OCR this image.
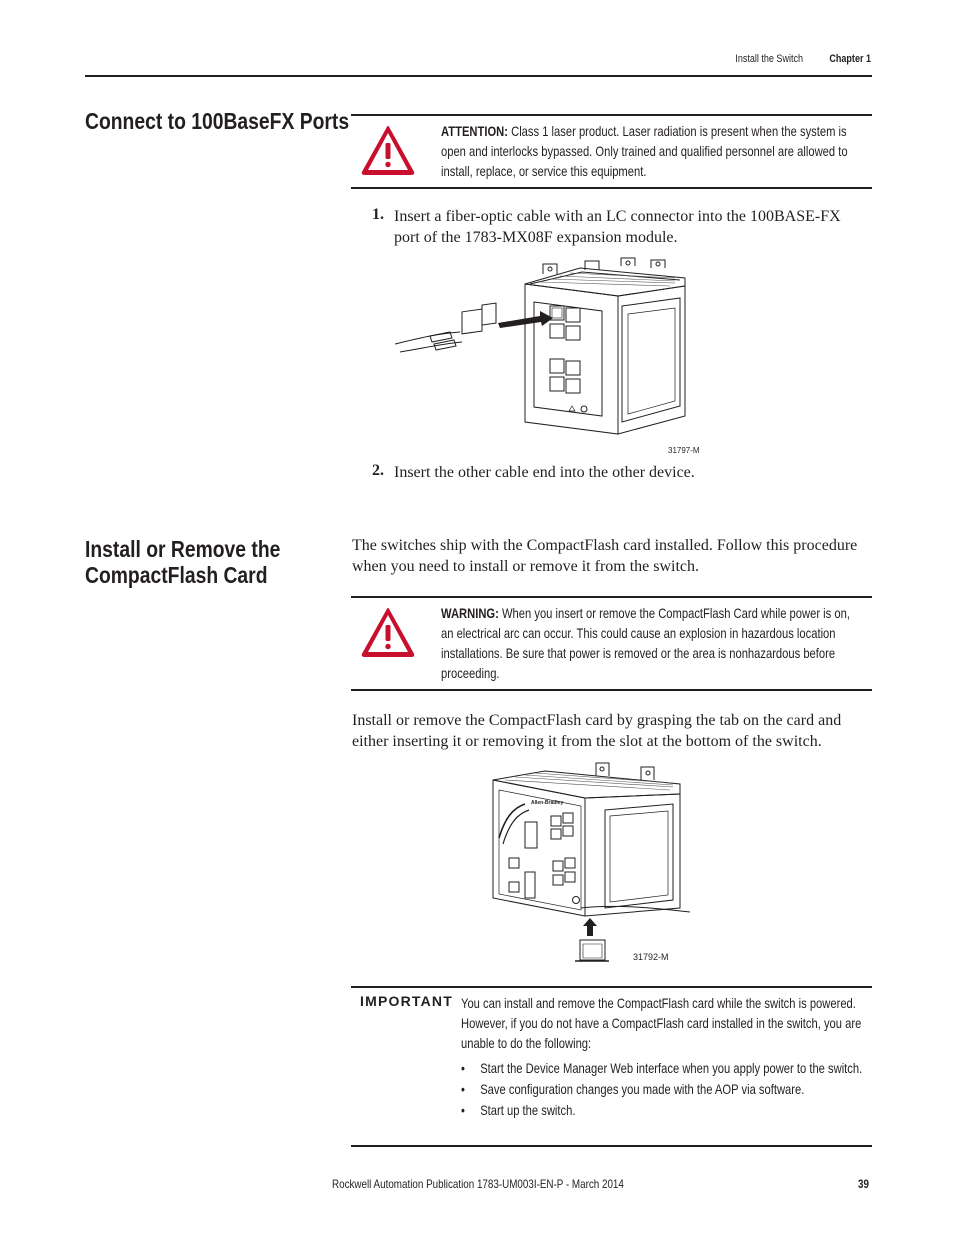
Install the Switch	Chapter 1
Connect to 100BaseFX Ports	ATTENTION: Class 1 laser product. Laser radiation is present when the system is open and interlocks bypassed. Only trained and qualified personnel are allowed to install, replace, or service this equipment.
1. Insert a fiber-optic cable with an LC connector into the 100BASE-FX port of the 1783-MX08F expansion module.
31797-M
2. Insert the other cable end into the other device.
Install or Remove the
CompactFlash Card
The switches ship with the CompactFlash card installed. Follow this procedure when you need to install or remove it from the switch.
WARNING: When you insert or remove the CompactFlash Card while power is on, an electrical arc can occur. This could cause an explosion in hazardous location installations. Be sure that power is removed or the area is nonhazardous before proceeding.
Install or remove the CompactFlash card by grasping the tab on the card and either inserting it or removing it from the slot at the bottom of the switch.
Allen-Bradley
31792-M
IMPORTANT You can install and remove the CompactFlash card while the switch is powered. However, if you do not have a CompactFlash card installed in the switch, you are unable to do the following:
• Start the Device Manager Web interface when you apply power to the switch.
• Save configuration changes you made with the AOP via software.
• Start up the switch.
Rockwell Automation Publication 1783-UM003I-EN-P - March 2014	39
